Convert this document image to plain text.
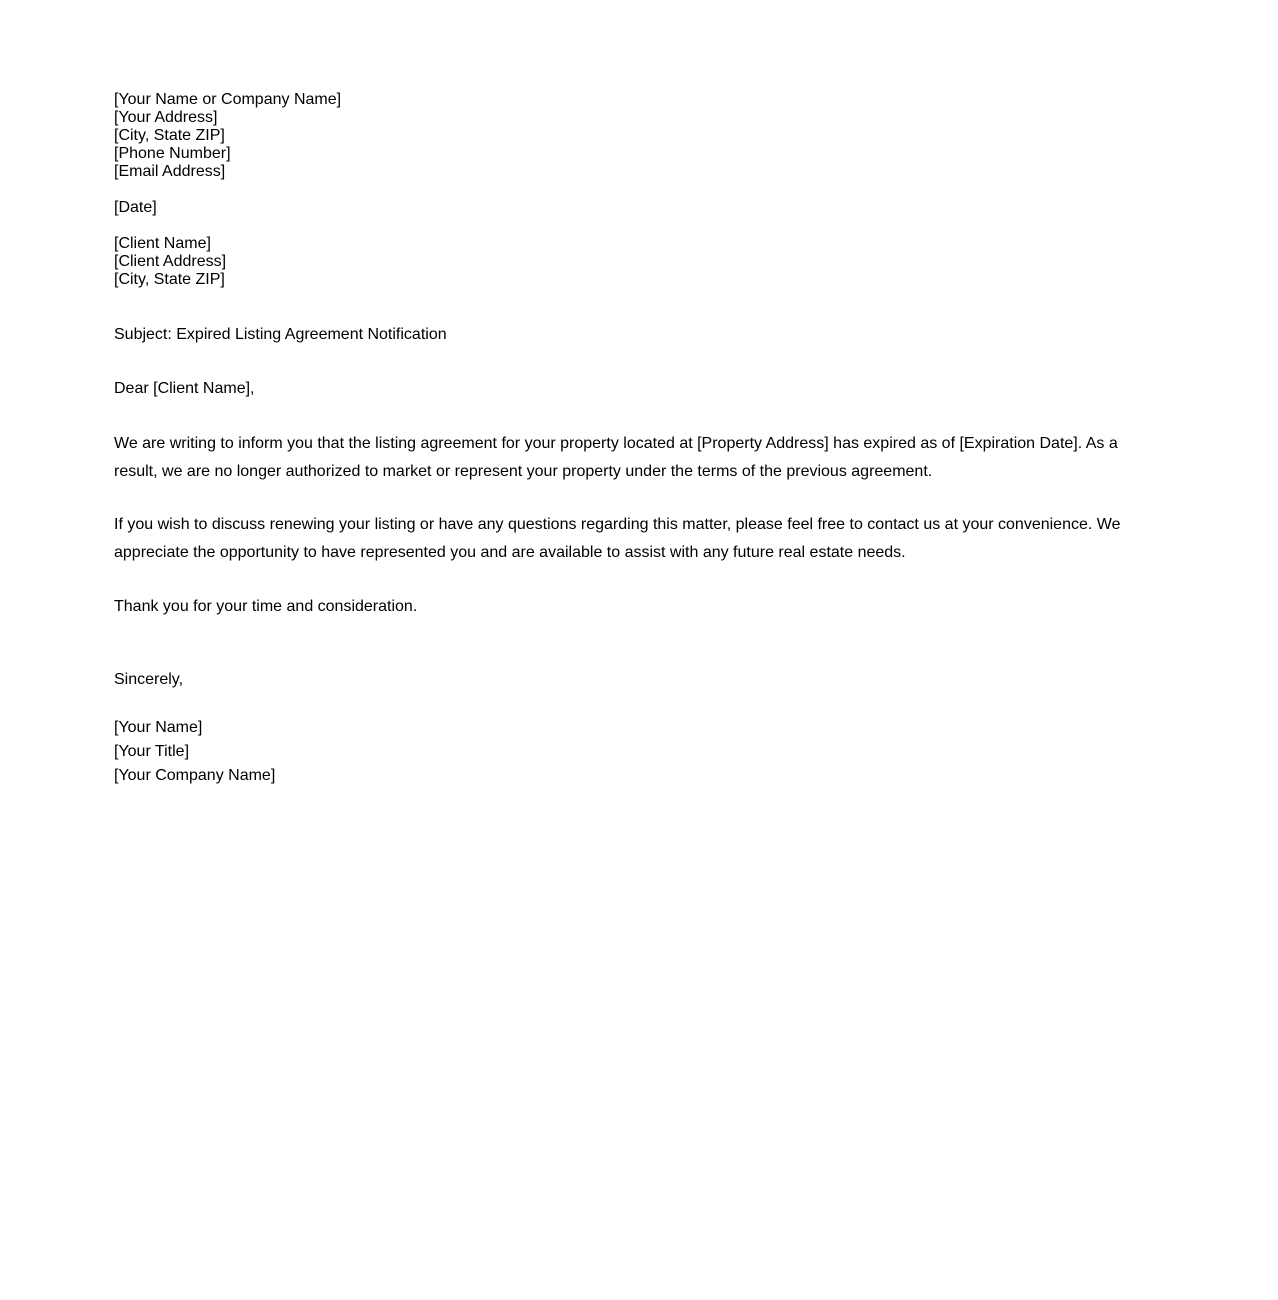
[Your Name or Company Name]

[Your Address]

[City, State ZIP]

[Phone Number]

[Email Address]

[Date]

[Client Name]

[Client Address]

[City, State ZIP]

Subject: Expired Listing Agreement Notification

Dear [Client Name],

We are writing to inform you that the listing agreement for your property located at [Property Address] has expired as of [Expiration Date]. As a result, we are no longer authorized to market or represent your property under the terms of the previous agreement.

If you wish to discuss renewing your listing or have any questions regarding this matter, please feel free to contact us at your convenience. We appreciate the opportunity to have represented you and are available to assist with any future real estate needs.

Thank you for your time and consideration.

Sincerely,

[Your Name]

[Your Title]

[Your Company Name]
